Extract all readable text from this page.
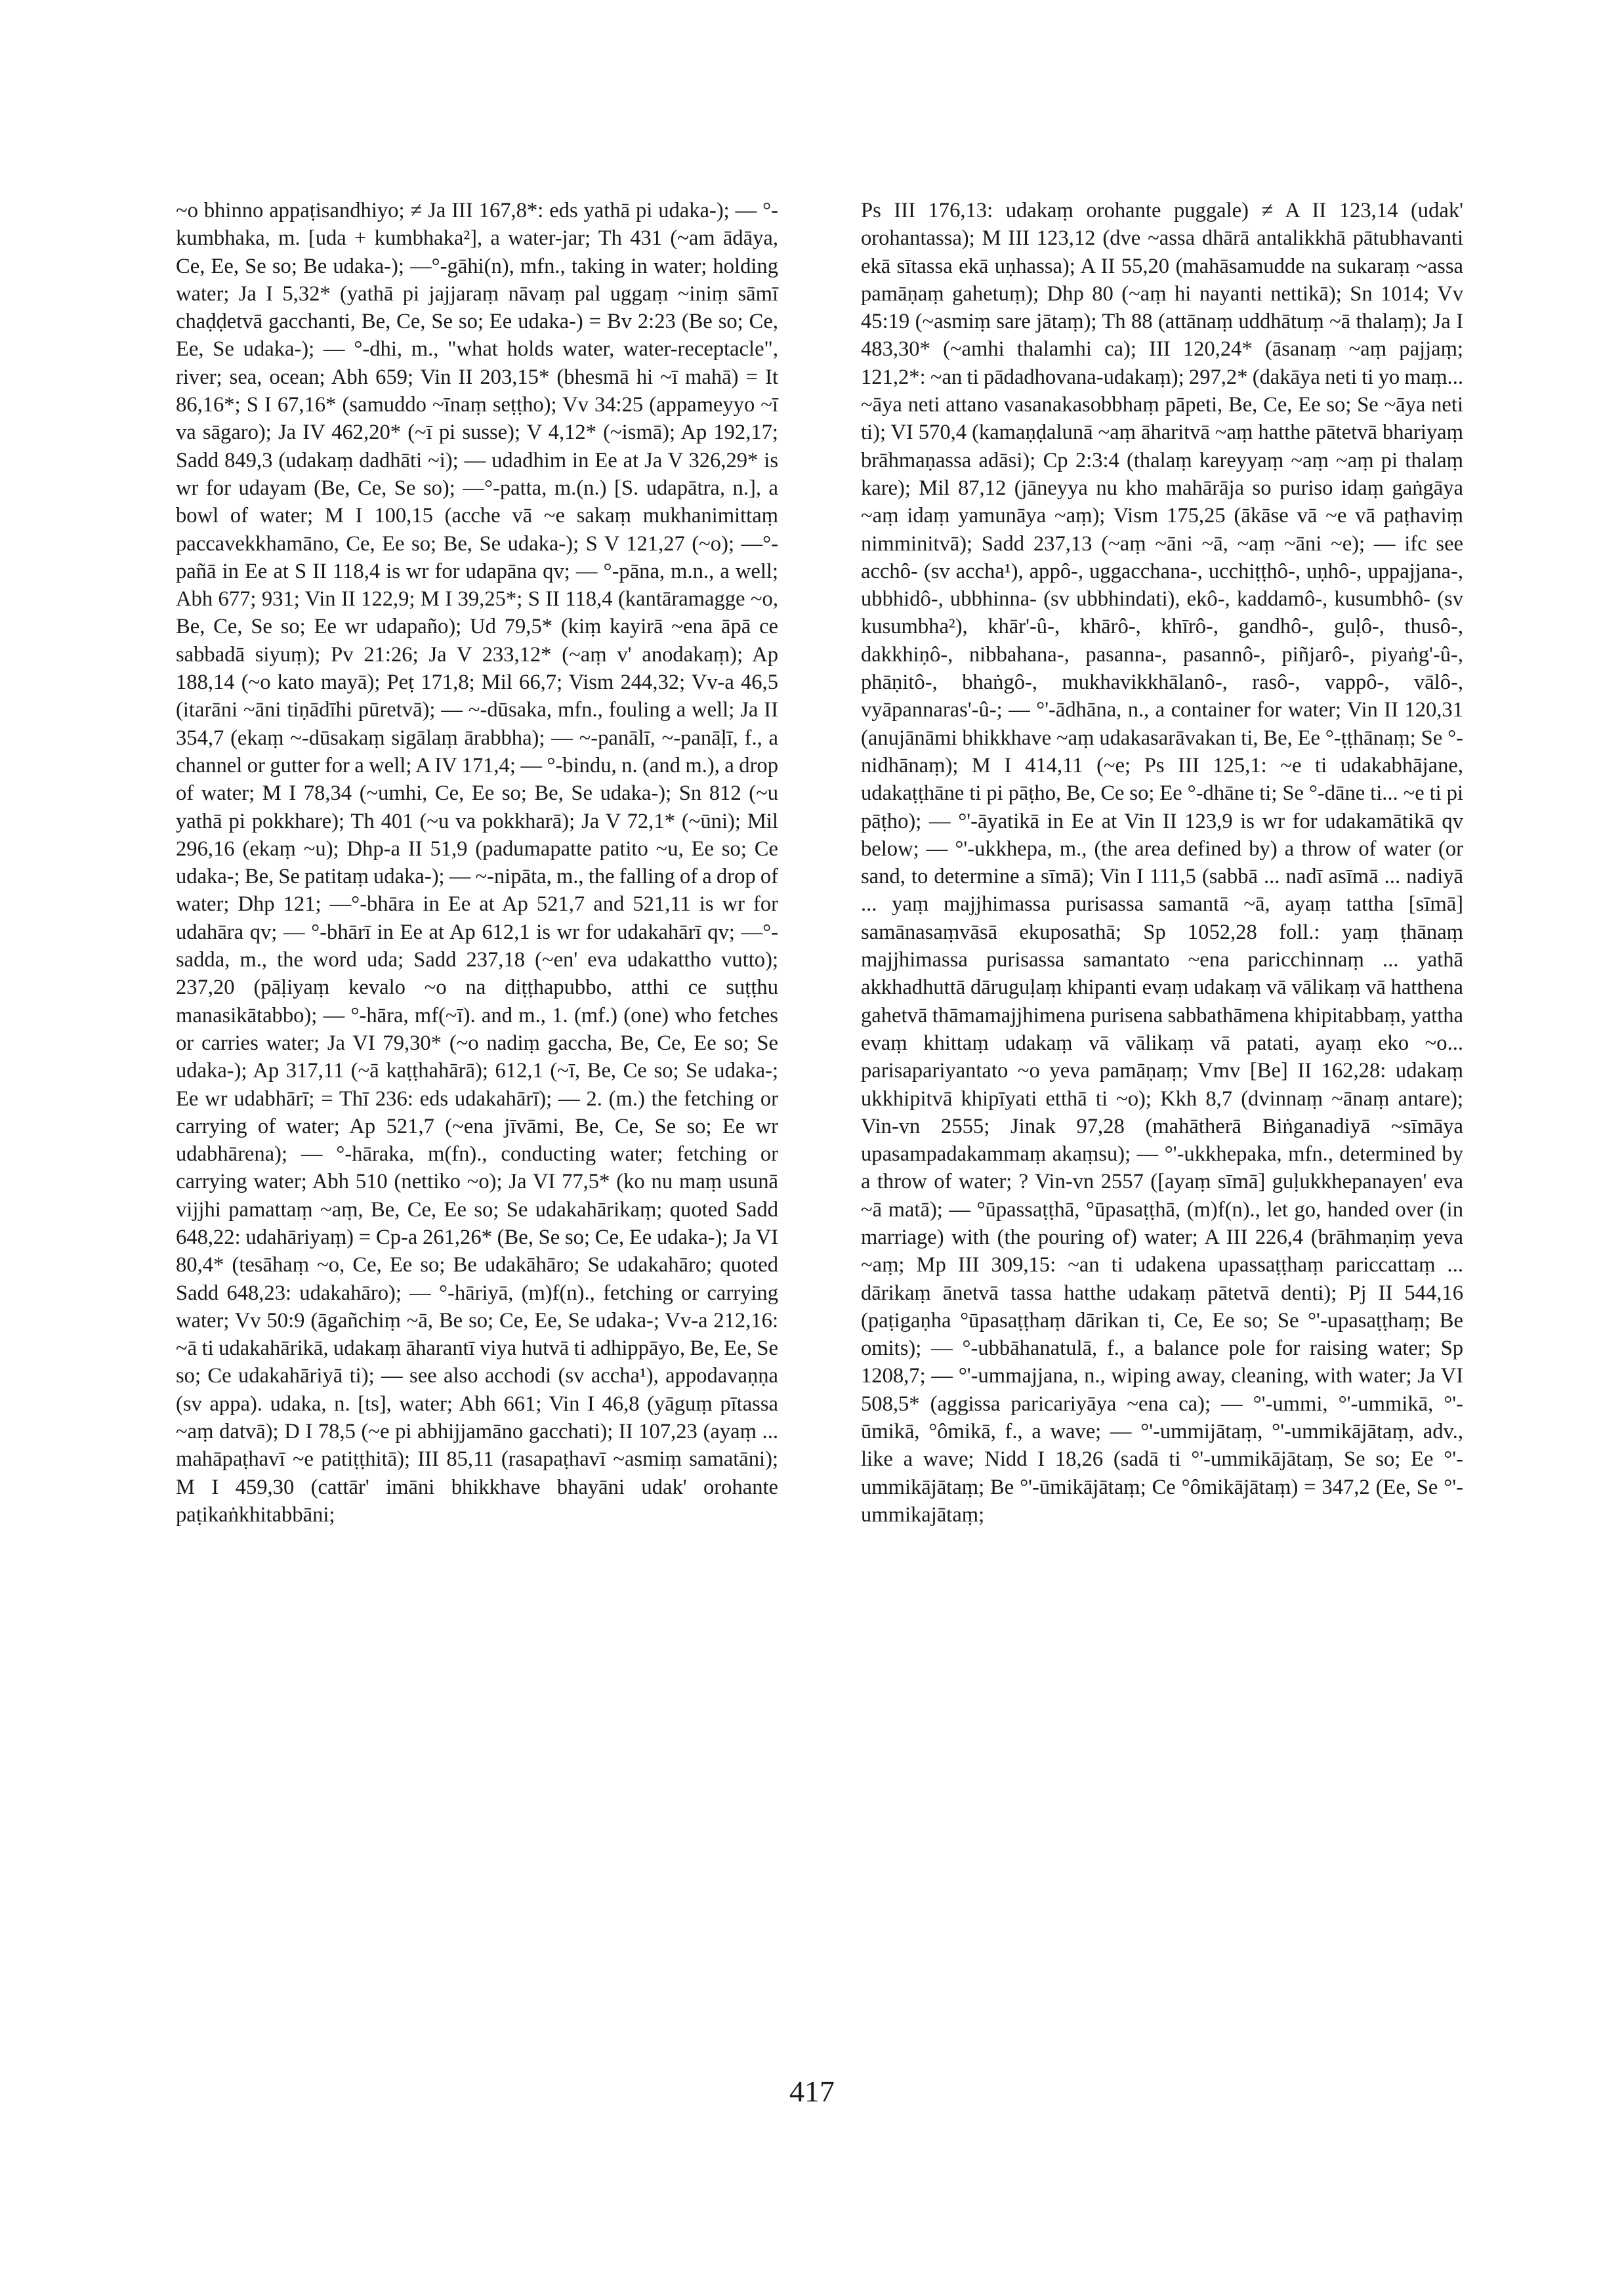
~o bhinno appaṭisandhiyo; ≠ Ja III 167,8*: eds yathā pi udaka-); — °-kumbhaka, m. [uda + kumbhaka²], a water-jar; Th 431 (~am ādāya, Ce, Ee, Se so; Be udaka-); —°-gāhi(n), mfn., taking in water; holding water; Ja I 5,32* (yathā pi jajjaraṃ nāvaṃ pal uggaṃ ~iniṃ sāmī chaḍḍetvā gacchanti, Be, Ce, Se so; Ee udaka-) = Bv 2:23 (Be so; Ce, Ee, Se udaka-); — °-dhi, m., "what holds water, water-receptacle", river; sea, ocean; Abh 659; Vin II 203,15* (bhesmā hi ~ī mahā) = It 86,16*; S I 67,16* (samuddo ~īnaṃ seṭṭho); Vv 34:25 (appameyyo ~ī va sāgaro); Ja IV 462,20* (~ī pi susse); V 4,12* (~ismā); Ap 192,17; Sadd 849,3 (udakaṃ dadhāti ~i); — udadhim in Ee at Ja V 326,29* is wr for udayam (Be, Ce, Se so); —°-patta, m.(n.) [S. udapātra, n.], a bowl of water; M I 100,15 (acche vā ~e sakaṃ mukhanimittaṃ paccavekkhamāno, Ce, Ee so; Be, Se udaka-); S V 121,27 (~o); —°-pañā in Ee at S II 118,4 is wr for udapāna qv; — °-pāna, m.n., a well; Abh 677; 931; Vin II 122,9; M I 39,25*; S II 118,4 (kantāramagge ~o, Be, Ce, Se so; Ee wr udapaño); Ud 79,5* (kiṃ kayirā ~ena āpā ce sabbadā siyuṃ); Pv 21:26; Ja V 233,12* (~aṃ v' anodakaṃ); Ap 188,14 (~o kato mayā); Peṭ 171,8; Mil 66,7; Vism 244,32; Vv-a 46,5 (itarāni ~āni tiṇādīhi pūretvā); — ~-dūsaka, mfn., fouling a well; Ja II 354,7 (ekaṃ ~-dūsakaṃ sigālaṃ ārabbha); — ~-panālī, ~-panāḷī, f., a channel or gutter for a well; A IV 171,4; — °-bindu, n. (and m.), a drop of water; M I 78,34 (~umhi, Ce, Ee so; Be, Se udaka-); Sn 812 (~u yathā pi pokkhare); Th 401 (~u va pokkharā); Ja V 72,1* (~ūni); Mil 296,16 (ekaṃ ~u); Dhp-a II 51,9 (padumapatte patito ~u, Ee so; Ce udaka-; Be, Se patitaṃ udaka-); — ~-nipāta, m., the falling of a drop of water; Dhp 121; —°-bhāra in Ee at Ap 521,7 and 521,11 is wr for udahāra qv; — °-bhārī in Ee at Ap 612,1 is wr for udakahārī qv; —°-sadda, m., the word uda; Sadd 237,18 (~en' eva udakattho vutto); 237,20 (pāḷiyaṃ kevalo ~o na diṭṭhapubbo, atthi ce suṭṭhu manasikātabbo); — °-hāra, mf(~ī). and m., 1. (mf.) (one) who fetches or carries water; Ja VI 79,30* (~o nadiṃ gaccha, Be, Ce, Ee so; Se udaka-); Ap 317,11 (~ā kaṭṭhahārā); 612,1 (~ī, Be, Ce so; Se udaka-; Ee wr udabhārī; = Thī 236: eds udakahārī); — 2. (m.) the fetching or carrying of water; Ap 521,7 (~ena jīvāmi, Be, Ce, Se so; Ee wr udabhārena); — °-hāraka, m(fn)., conducting water; fetching or carrying water; Abh 510 (nettiko ~o); Ja VI 77,5* (ko nu maṃ usunā vijjhi pamattaṃ ~aṃ, Be, Ce, Ee so; Se udakahārikaṃ; quoted Sadd 648,22: udahāriyaṃ) = Cp-a 261,26* (Be, Se so; Ce, Ee udaka-); Ja VI 80,4* (tesāhaṃ ~o, Ce, Ee so; Be udakāhāro; Se udakahāro; quoted Sadd 648,23: udakahāro); — °-hāriyā, (m)f(n)., fetching or carrying water; Vv 50:9 (āgañchiṃ ~ā, Be so; Ce, Ee, Se udaka-; Vv-a 212,16: ~ā ti udakahārikā, udakaṃ āharantī viya hutvā ti adhippāyo, Be, Ee, Se so; Ce udakahāriyā ti); — see also acchodi (sv accha¹), appodavaṇṇa (sv appa). udaka, n. [ts], water; Abh 661; Vin I 46,8 (yāguṃ pītassa ~aṃ datvā); D I 78,5 (~e pi abhijjamāno gacchati); II 107,23 (ayaṃ ... mahāpaṭhavī ~e patiṭṭhitā); III 85,11 (rasapaṭhavī ~asmiṃ samatāni); M I 459,30 (cattār' imāni bhikkhave bhayāni udak' orohante paṭikaṅkhitabbāni;

Ps III 176,13: udakaṃ orohante puggale) ≠ A II 123,14 (udak' orohantassa); M III 123,12 (dve ~assa dhārā antalikkhā pātubhavanti ekā sītassa ekā uṇhassa); A II 55,20 (mahāsamudde na sukaraṃ ~assa pamāṇaṃ gahetuṃ); Dhp 80 (~aṃ hi nayanti nettikā); Sn 1014; Vv 45:19 (~asmiṃ sare jātaṃ); Th 88 (attānaṃ uddhātuṃ ~ā thalaṃ); Ja I 483,30* (~amhi thalamhi ca); III 120,24* (āsanaṃ ~aṃ pajjaṃ; 121,2*: ~an ti pādadhovana-udakaṃ); 297,2* (dakāya neti ti yo maṃ... ~āya neti attano vasanakasobbhaṃ pāpeti, Be, Ce, Ee so; Se ~āya neti ti); VI 570,4 (kamaṇḍalunā ~aṃ āharitvā ~aṃ hatthe pātetvā bhariyaṃ brāhmaṇassa adāsi); Cp 2:3:4 (thalaṃ kareyyaṃ ~aṃ ~aṃ pi thalaṃ kare); Mil 87,12 (jāneyya nu kho mahārāja so puriso idaṃ gaṅgāya ~aṃ idaṃ yamunāya ~aṃ); Vism 175,25 (ākāse vā ~e vā paṭhaviṃ nimminitvā); Sadd 237,13 (~aṃ ~āni ~ā, ~aṃ ~āni ~e); — ifc see acchô- (sv accha¹), appô-, uggacchana-, ucchiṭṭhô-, uṇhô-, uppajjana-, ubbhidô-, ubbhinna- (sv ubbhindati), ekô-, kaddamô-, kusumbhô- (sv kusumbha²), khār'-û-, khārô-, khīrô-, gandhô-, guḷô-, thusô-, dakkhiṇô-, nibbahana-, pasanna-, pasannô-, piñjarô-, piyaṅg'-û-, phāṇitô-, bhaṅgô-, mukhavikkhālanô-, rasô-, vappô-, vālô-, vyāpannaras'-û-; — °'-ādhāna, n., a container for water; Vin II 120,31 (anujānāmi bhikkhave ~aṃ udakasarāvakan ti, Be, Ee °-ṭṭhānaṃ; Se °-nidhānaṃ); M I 414,11 (~e; Ps III 125,1: ~e ti udakabhājane, udakaṭṭhāne ti pi pāṭho, Be, Ce so; Ee °-dhāne ti; Se °-dāne ti... ~e ti pi pāṭho); — °'-āyatikā in Ee at Vin II 123,9 is wr for udakamātikā qv below; — °'-ukkhepa, m., (the area defined by) a throw of water (or sand, to determine a sīmā); Vin I 111,5 (sabbā ... nadī asīmā ... nadiyā ... yaṃ majjhimassa purisassa samantā ~ā, ayaṃ tattha [sīmā] samānasaṃvāsā ekuposathā; Sp 1052,28 foll.: yaṃ ṭhānaṃ majjhimassa purisassa samantato ~ena paricchinnaṃ ... yathā akkhadhuttā dāruguḷaṃ khipanti evaṃ udakaṃ vā vālikaṃ vā hatthena gahetvā thāmamajjhimena purisena sabbathāmena khipitabbaṃ, yattha evaṃ khittaṃ udakaṃ vā vālikaṃ vā patati, ayaṃ eko ~o... parisapariyantato ~o yeva pamāṇaṃ; Vmv [Be] II 162,28: udakaṃ ukkhipitvā khipīyati etthā ti ~o); Kkh 8,7 (dvinnaṃ ~ānaṃ antare); Vin-vn 2555; Jinak 97,28 (mahātherā Biṅganadiyā ~sīmāya upasampadakammaṃ akaṃsu); — °'-ukkhepaka, mfn., determined by a throw of water; ? Vin-vn 2557 ([ayaṃ sīmā] guḷukkhepanayen' eva ~ā matā); — °ūpassaṭṭhā, °ūpasaṭṭhā, (m)f(n)., let go, handed over (in marriage) with (the pouring of) water; A III 226,4 (brāhmaṇiṃ yeva ~aṃ; Mp III 309,15: ~an ti udakena upassaṭṭhaṃ pariccattaṃ ... dārikaṃ ānetvā tassa hatthe udakaṃ pātetvā denti); Pj II 544,16 (paṭigaṇha °ūpasaṭṭhaṃ dārikan ti, Ce, Ee so; Se °'-upasaṭṭhaṃ; Be omits); — °-ubbāhanatulā, f., a balance pole for raising water; Sp 1208,7; — °'-ummajjana, n., wiping away, cleaning, with water; Ja VI 508,5* (aggissa paricariyāya ~ena ca); — °'-ummi, °'-ummikā, °'-ūmikā, °ômikā, f., a wave; — °'-ummijātaṃ, °'-ummikājātaṃ, adv., like a wave; Nidd I 18,26 (sadā ti °'-ummikājātaṃ, Se so; Ee °'-ummikājātaṃ; Be °'-ūmikājātaṃ; Ce °ômikājātaṃ) = 347,2 (Ee, Se °'-ummikajātaṃ;

417
